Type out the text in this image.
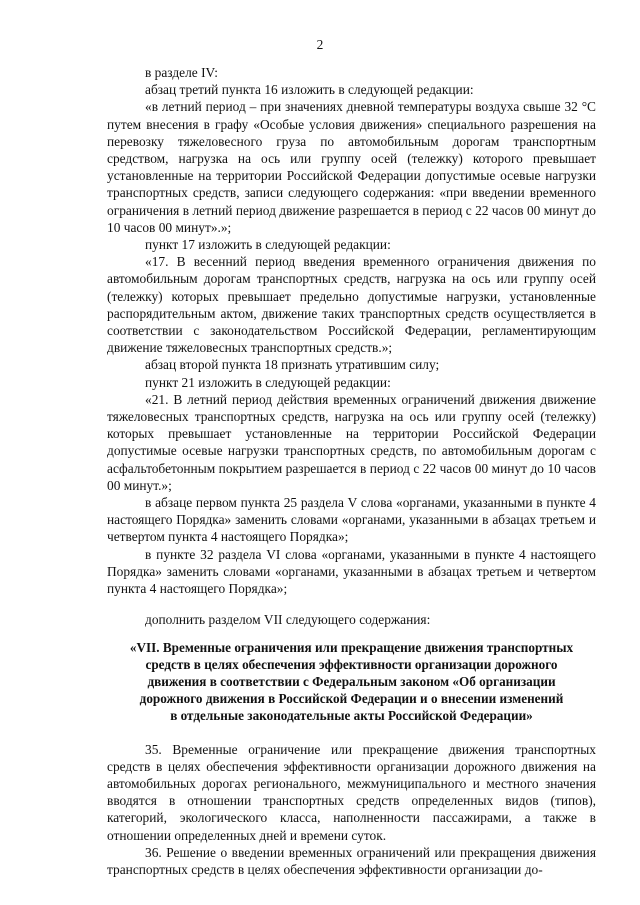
2

в разделе IV:

абзац третий пункта 16 изложить в следующей редакции:

«в летний период – при значениях дневной температуры воздуха свыше 32 °С путем внесения в графу «Особые условия движения» специального разрешения на перевозку тяжеловесного груза по автомобильным дорогам транспортным средством, нагрузка на ось или группу осей (тележку) которого превышает установленные на территории Российской Федерации допустимые осевые нагрузки транспортных средств, записи следующего содержания: «при введении временного ограничения в летний период движение разрешается в период с 22 часов 00 минут до 10 часов 00 минут».»;

пункт 17 изложить в следующей редакции:

«17. В весенний период введения временного ограничения движения по автомобильным дорогам транспортных средств, нагрузка на ось или группу осей (тележку) которых превышает предельно допустимые нагрузки, установленные распорядительным актом, движение таких транспортных средств осуществляется в соответствии с законодательством Российской Федерации, регламентирующим движение тяжеловесных транспортных средств.»;

абзац второй пункта 18 признать утратившим силу;

пункт 21 изложить в следующей редакции:

«21. В летний период действия временных ограничений движения движение тяжеловесных транспортных средств, нагрузка на ось или группу осей (тележку) которых превышает установленные на территории Российской Федерации допустимые осевые нагрузки транспортных средств, по автомобильным дорогам с асфальтобетонным покрытием разрешается в период с 22 часов 00 минут до 10 часов 00 минут.»;

в абзаце первом пункта 25 раздела V слова «органами, указанными в пункте 4 настоящего Порядка» заменить словами «органами, указанными в абзацах третьем и четвертом пункта 4 настоящего Порядка»;

в пункте 32 раздела VI слова «органами, указанными в пункте 4 настоящего Порядка» заменить словами «органами, указанными в абзацах третьем и четвертом пункта 4 настоящего Порядка»;

дополнить разделом VII следующего содержания:

«VII. Временные ограничения или прекращение движения транспортных
средств в целях обеспечения эффективности организации дорожного
движения в соответствии с Федеральным законом «Об организации
дорожного движения в Российской Федерации и о внесении изменений
в отдельные законодательные акты Российской Федерации»

35. Временные ограничение или прекращение движения транспортных средств в целях обеспечения эффективности организации дорожного движения на автомобильных дорогах регионального, межмуниципального и местного значения вводятся в отношении транспортных средств определенных видов (типов), категорий, экологического класса, наполненности пассажирами, а также в отношении определенных дней и времени суток.

36. Решение о введении временных ограничений или прекращения движения транспортных средств в целях обеспечения эффективности организации до-
